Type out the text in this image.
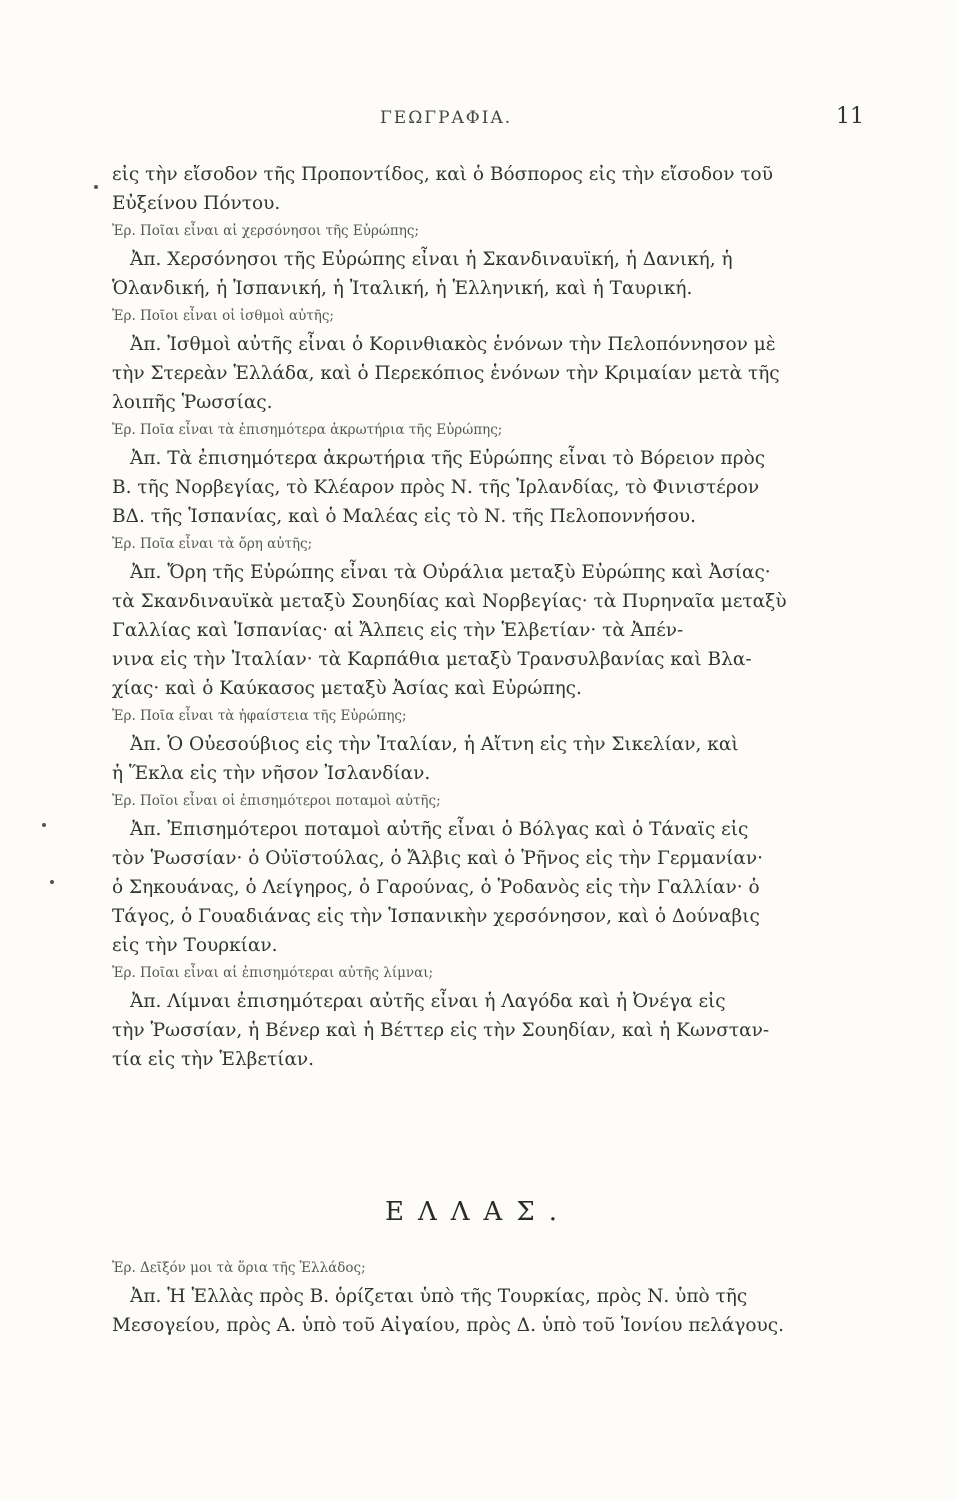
ΓΕΩΓΡΑΦΙΑ.	11
εἰς τὴν εἴσοδον τῆς Προποντίδος, καὶ ὁ Βόσπορος εἰς τὴν εἴσοδον τοῦ
Εὐξείνου Πόντου.
Ἐρ. Ποῖαι εἶναι αἱ χερσόνησοι τῆς Εὐρώπης;
Ἀπ. Χερσόνησοι τῆς Εὐρώπης εἶναι ἡ Σκανδιναυϊκή, ἡ Δανική, ἡ
Ὁλανδική, ἡ Ἱσπανική, ἡ Ἰταλική, ἡ Ἑλληνική, καὶ ἡ Ταυρική.
Ἐρ. Ποῖοι εἶναι οἱ ἰσθμοὶ αὐτῆς;
Ἀπ. Ἰσθμοὶ αὐτῆς εἶναι ὁ Κορινθιακὸς ἑνόνων τὴν Πελοπόννησον μὲ
τὴν Στερεὰν Ἑλλάδα, καὶ ὁ Περεκόπιος ἑνόνων τὴν Κριμαίαν μετὰ τῆς
λοιπῆς Ῥωσσίας.
Ἐρ. Ποῖα εἶναι τὰ ἐπισημότερα ἀκρωτήρια τῆς Εὐρώπης;
Ἀπ. Τὰ ἐπισημότερα ἀκρωτήρια τῆς Εὐρώπης εἶναι τὸ Βόρειον πρὸς
Β. τῆς Νορβεγίας, τὸ Κλέαρον πρὸς Ν. τῆς Ἰρλανδίας, τὸ Φινιστέρον
ΒΔ. τῆς Ἱσπανίας, καὶ ὁ Μαλέας εἰς τὸ Ν. τῆς Πελοποννήσου.
Ἐρ. Ποῖα εἶναι τὰ ὄρη αὐτῆς;
Ἀπ. Ὄρη τῆς Εὐρώπης εἶναι τὰ Οὐράλια μεταξὺ Εὐρώπης καὶ Ἀσίας·
τὰ Σκανδιναυϊκὰ μεταξὺ Σουηδίας καὶ Νορβεγίας· τὰ Πυρηναῖα μεταξὺ
Γαλλίας καὶ Ἱσπανίας· αἱ Ἄλπεις εἰς τὴν Ἑλβετίαν· τὰ Ἀπέν-
νινα εἰς τὴν Ἰταλίαν· τὰ Καρπάθια μεταξὺ Τρανσυλβανίας καὶ Βλα-
χίας· καὶ ὁ Καύκασος μεταξὺ Ἀσίας καὶ Εὐρώπης.
Ἐρ. Ποῖα εἶναι τὰ ἡφαίστεια τῆς Εὐρώπης;
Ἀπ. Ὁ Οὐεσούβιος εἰς τὴν Ἰταλίαν, ἡ Αἴτνη εἰς τὴν Σικελίαν, καὶ
ἡ Ἕκλα εἰς τὴν νῆσον Ἰσλανδίαν.
Ἐρ. Ποῖοι εἶναι οἱ ἐπισημότεροι ποταμοὶ αὐτῆς;
Ἀπ. Ἐπισημότεροι ποταμοὶ αὐτῆς εἶναι ὁ Βόλγας καὶ ὁ Τάναϊς εἰς
τὸν Ῥωσσίαν· ὁ Οὐϊστούλας, ὁ Ἄλβις καὶ ὁ Ῥῆνος εἰς τὴν Γερμανίαν·
ὁ Σηκουάνας, ὁ Λείγηρος, ὁ Γαρούνας, ὁ Ῥοδανὸς εἰς τὴν Γαλλίαν· ὁ
Τάγος, ὁ Γουαδιάνας εἰς τὴν Ἱσπανικὴν χερσόνησον, καὶ ὁ Δούναβις
εἰς τὴν Τουρκίαν.
Ἐρ. Ποῖαι εἶναι αἱ ἐπισημότεραι αὐτῆς λίμναι;
Ἀπ. Λίμναι ἐπισημότεραι αὐτῆς εἶναι ἡ Λαγόδα καὶ ἡ Ὀνέγα εἰς
τὴν Ῥωσσίαν, ἡ Βένερ καὶ ἡ Βέττερ εἰς τὴν Σουηδίαν, καὶ ἡ Κωνσταν-
τία εἰς τὴν Ἑλβετίαν.
ΕΛΛΑΣ.
Ἐρ. Δεῖξόν μοι τὰ ὅρια τῆς Ἑλλάδος;
Ἀπ. Ἡ Ἑλλὰς πρὸς Β. ὁρίζεται ὑπὸ τῆς Τουρκίας, πρὸς Ν. ὑπὸ τῆς
Μεσογείου, πρὸς Α. ὑπὸ τοῦ Αἰγαίου, πρὸς Δ. ὑπὸ τοῦ Ἰονίου πελάγους.
